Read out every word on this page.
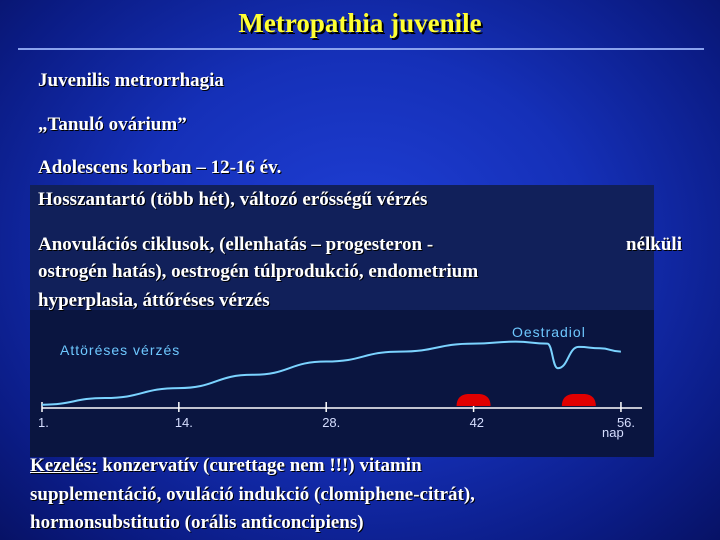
Metropathia juvenile
Juvenilis metrorrhagia
„Tanuló ovárium”
Adolescens korban – 12-16 év.
Attöréses vérzés
Oestradiol
nap
1.	14.	28.	42	56.
Hosszantartó (több hét), változó erősségű vérzés
Anovulációs ciklusok, (ellenhatás – progesteron -	nélküli
ostrogén hatás), oestrogén túlprodukció, endometrium
hyperplasia, áttőréses vérzés
Kezelés: konzervatív (curettage nem !!!) vitamin
supplementáció, ovuláció indukció (clomiphene-citrát),
hormonsubstitutio (orális anticoncipiens)
